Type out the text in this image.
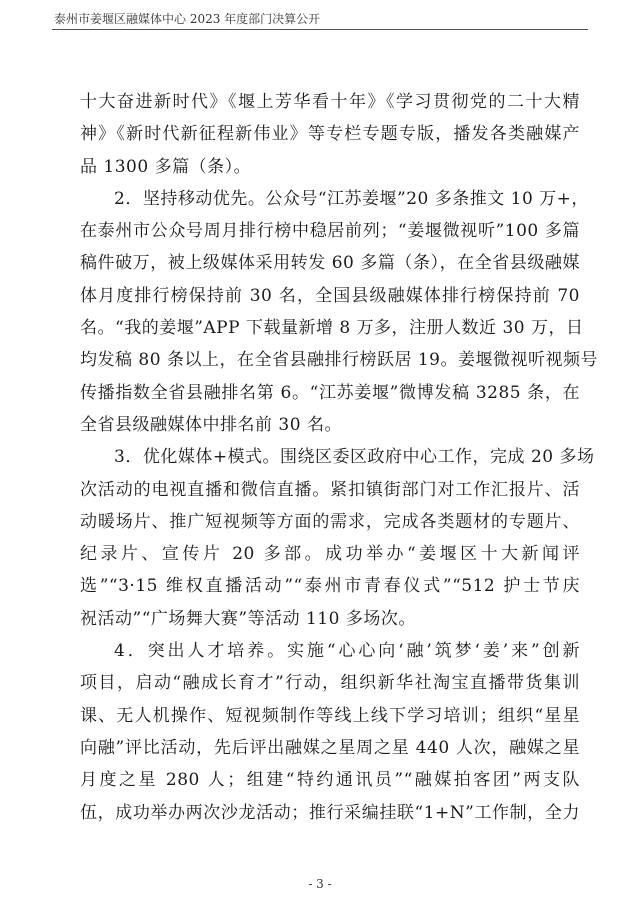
泰州市姜堰区融媒体中心 2023 年度部门决算公开
十大奋进新时代》《堰上芳华看十年》《学习贯彻党的二十大精
神》《新时代新征程新伟业》等专栏专题专版，播发各类融媒产
品 1300 多篇（条）。
2．坚持移动优先。公众号“江苏姜堰”20 多条推文 10 万+，
在泰州市公众号周月排行榜中稳居前列；“姜堰微视听”100 多篇
稿件破万，被上级媒体采用转发 60 多篇（条），在全省县级融媒
体月度排行榜保持前 30 名，全国县级融媒体排行榜保持前 70
名。“我的姜堰”APP 下载量新增 8 万多，注册人数近 30 万，日
均发稿 80 条以上，在全省县融排行榜跃居 19。姜堰微视听视频号
传播指数全省县融排名第 6。“江苏姜堰”微博发稿 3285 条，在
全省县级融媒体中排名前 30 名。
3．优化媒体+模式。围绕区委区政府中心工作，完成 20 多场
次活动的电视直播和微信直播。紧扣镇街部门对工作汇报片、活
动暖场片、推广短视频等方面的需求，完成各类题材的专题片、
纪录片、宣传片 20 多部。成功举办“姜堰区十大新闻评
选”“3·15 维权直播活动”“泰州市青春仪式”“512 护士节庆
祝活动”“广场舞大赛”等活动 110 多场次。
4．突出人才培养。实施“心心向‘融’筑梦‘姜’来”创新
项目，启动“融成长育才”行动，组织新华社淘宝直播带货集训
课、无人机操作、短视频制作等线上线下学习培训；组织“星星
向融”评比活动，先后评出融媒之星周之星 440 人次，融媒之星
月度之星 280 人；组建“特约通讯员”“融媒拍客团”两支队
伍，成功举办两次沙龙活动；推行采编挂联“1+N”工作制，全力
- 3 -
